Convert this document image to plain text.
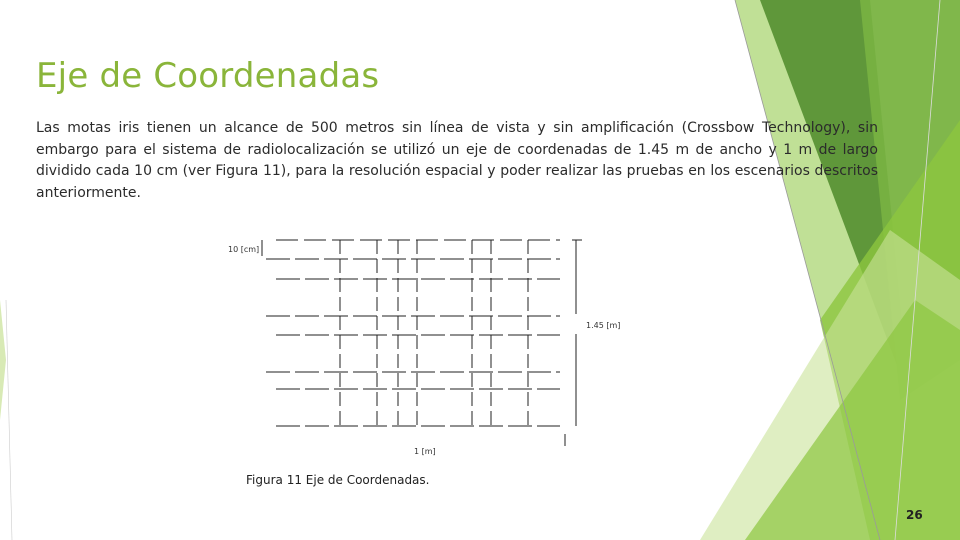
Eje de Coordenadas

Las motas iris tienen un alcance de 500 metros sin línea de vista y sin amplificación (Crossbow Technology), sin embargo para el sistema de radiolocalización se utilizó un eje de coordenadas de 1.45 m de ancho y 1 m de largo dividido cada 10 cm (ver Figura 11), para la resolución espacial y poder realizar las pruebas en los escenarios descritos anteriormente.

10 [cm]
1.45 [m]
1 [m]
Figura 11 Eje de Coordenadas.
26
